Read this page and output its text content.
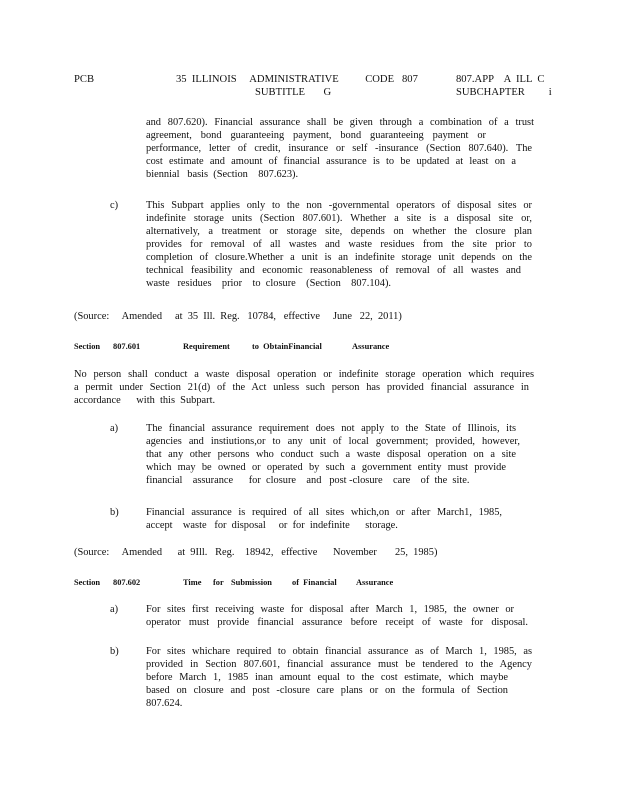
PCB	35  ILLINOIS     ADMINISTRATIVE          CODE   807
SUBTITLE       G
807.APP    A  ILL  C
SUBCHAPTER         i
and 807.620). Financial assurance shall be given through a combination of a trust
agreement, bond guaranteeing payment, bond guaranteeing payment or
performance, letter of credit, insurance or self -insurance (Section 807.640). The
cost estimate and amount of financial assurance is to be updated at least on a
biennial   basis  (Section    807.623).
c)	This Subpart applies only to the non -governmental operators of disposal sites or
indefinite storage units (Section 807.601). Whether a site is a disposal site or,
alternatively, a treatment or storage site, depends on whether the closure plan
provides for removal of all wastes and waste residues from the site prior to
completion of closure.Whether a unit is an indefinite storage unit depends on the
technical feasibility and economic reasonableness of removal of all wastes and
waste   residues    prior    to  closure    (Section    807.104).
(Source:     Amended     at  35  Ill.  Reg.   10784,   effective     June   22,  2011)
Section 807.601	Requirement	to  ObtainFinancial	Assurance
No person shall conduct a waste disposal operation or indefinite storage operation which requires
a permit under Section 21(d) of the Act unless such person has provided financial assurance in
accordance      with  this  Subpart.
a)	The financial assurance requirement does not apply to the State of Illinois, its
agencies and instiutions,or to any unit of local government; provided, however,
that any other persons who conduct such a waste disposal operation on a site
which may be owned or operated by such a government entity must provide
financial    assurance      for  closure    and   post -closure    care    of  the  site.
b)	Financial assurance is required of all sites which,on or after March1, 1985,
accept    waste   for  disposal     or  for  indefinite      storage.
(Source:     Amended      at  9Ill.   Reg.    18942,   effective      November       25,  1985)
Section 807.602	Time for Submission of  Financial Assurance
a)	For sites first receiving waste for disposal after March 1, 1985, the owner or
operator must provide financial assurance before receipt of waste for disposal.
b)	For sites whichare required to obtain financial assurance as of March 1, 1985, as
provided in Section 807.601, financial assurance must be tendered to the Agency
before March 1, 1985 inan amount equal to the cost estimate, which maybe
based on closure and post -closure care plans or on the formula of Section
807.624.
